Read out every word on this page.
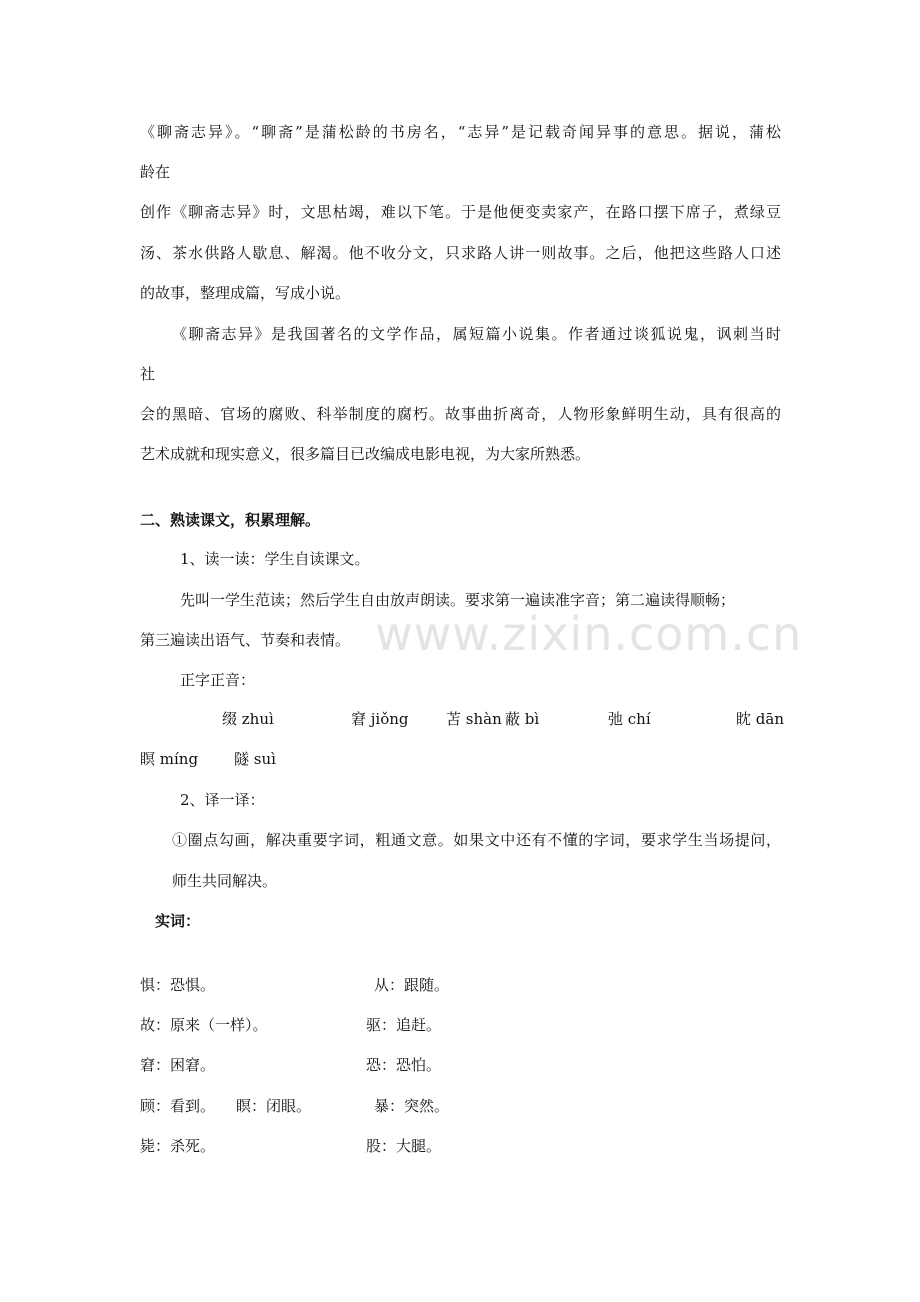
www.zixin.com.cn
《聊斋志异》。“聊斋”是蒲松龄的书房名，“志异”是记载奇闻异事的意思。据说，蒲松
龄在
创作《聊斋志异》时，文思枯竭，难以下笔。于是他便变卖家产，在路口摆下席子，煮绿豆
汤、茶水供路人歇息、解渴。他不收分文，只求路人讲一则故事。之后，他把这些路人口述
的故事，整理成篇，写成小说。
《聊斋志异》是我国著名的文学作品，属短篇小说集。作者通过谈狐说鬼，讽刺当时
社
会的黑暗、官场的腐败、科举制度的腐朽。故事曲折离奇，人物形象鲜明生动，具有很高的
艺术成就和现实意义，很多篇目已改编成电影电视，为大家所熟悉。
二、熟读课文，积累理解。
1、读一读：学生自读课文。
先叫一学生范读；然后学生自由放声朗读。要求第一遍读准字音；第二遍读得顺畅；
第三遍读出语气、节奏和表情。
正字正音：
缀 zhuì	窘 jiǒng 苫 shàn 蔽 bì	弛 chí	眈 dān
瞑 míng 隧 suì
2、译一译：
①圈点勾画，解决重要字词，粗通文意。如果文中还有不懂的字词，要求学生当场提问，
师生共同解决。
实词：
惧：恐惧。	从：跟随。
故：原来（一样）。	驱：追赶。
窘：困窘。	恐：恐怕。
顾：看到。 瞑：闭眼。	暴：突然。
毙：杀死。	股：大腿。
